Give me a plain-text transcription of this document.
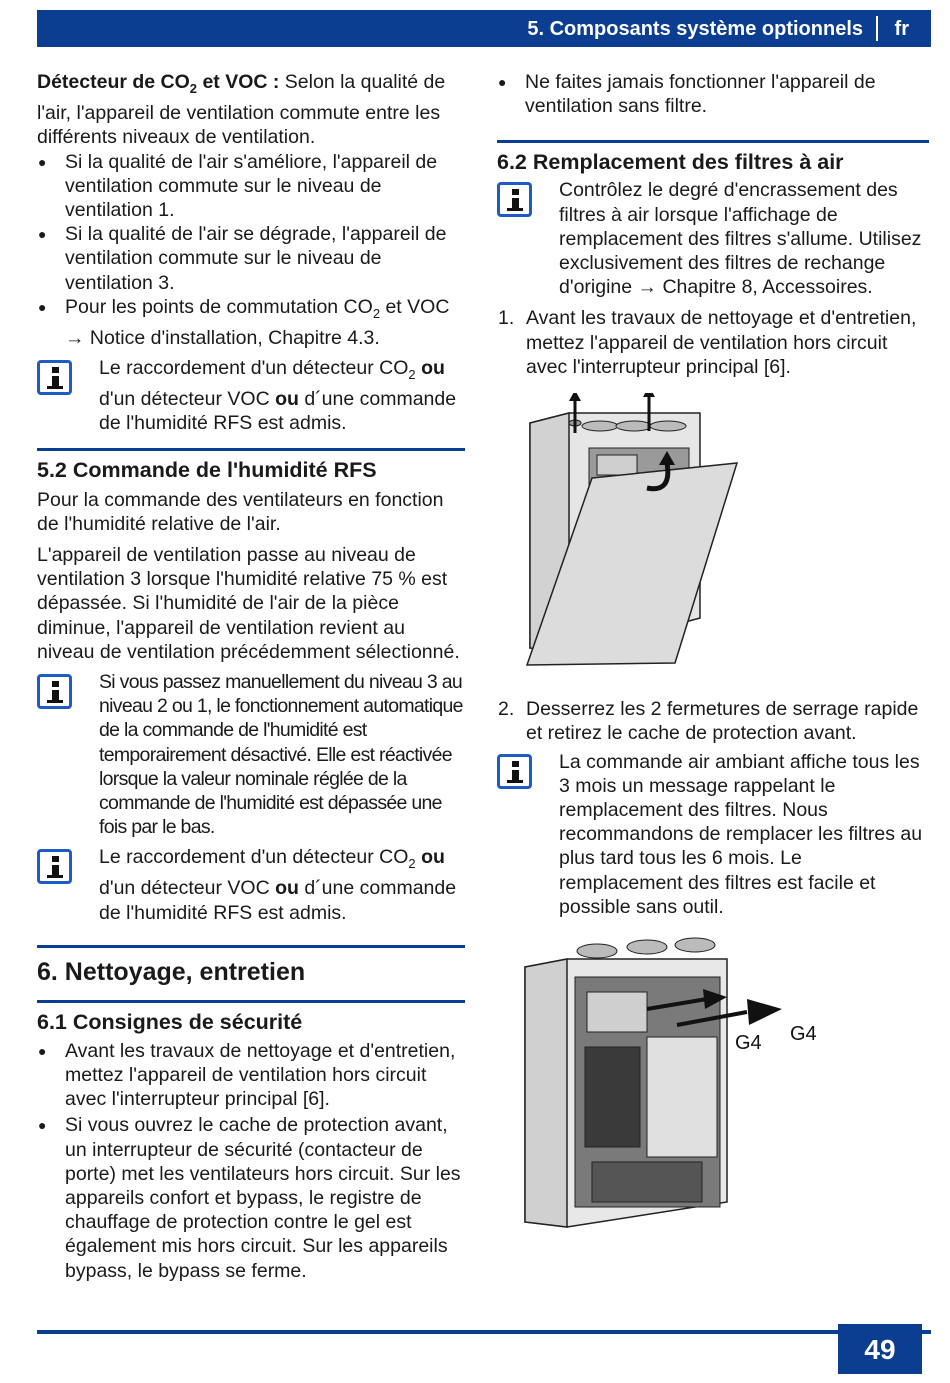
5. Composants système optionnels fr

Détecteur de $CO_2$ et VOC : Selon la qualité de l'air, l'appareil de ventilation commute entre les différents niveaux de ventilation.

● Si la qualité de l'air s'améliore, l'appareil de ventilation commute sur le niveau de ventilation 1.
● Si la qualité de l'air se dégrade, l'appareil de ventilation commute sur le niveau de ventilation 3.
● Pour les points de commutation $CO_2$ et VOC → Notice d'installation, Chapitre 4.3.
Le raccordement d'un détecteur $CO_2$ ou d'un détecteur VOC ou d´une commande de l'humidité RFS est admis.
5.2 Commande de l'humidité RFS

Pour la commande des ventilateurs en fonction de l'humidité relative de l'air.

L'appareil de ventilation passe au niveau de ventilation 3 lorsque l'humidité relative 75 % est dépassée. Si l'humidité de l'air de la pièce diminue, l'appareil de ventilation revient au niveau de ventilation précédemment sélectionné.

Si vous passez manuellement du niveau 3 au niveau 2 ou 1, le fonctionnement automatique de la commande de l'humidité est temporairement désactivé. Elle est réactivée lorsque la valeur nominale réglée de la commande de l'humidité est dépassée une fois par le bas.
Le raccordement d'un détecteur $CO_2$ ou d'un détecteur VOC ou d´une commande de l'humidité RFS est admis.
6. Nettoyage, entretien
6.1 Consignes de sécurité
● Avant les travaux de nettoyage et d'entretien, mettez l'appareil de ventilation hors circuit avec l'interrupteur principal [6].
● Si vous ouvrez le cache de protection avant, un interrupteur de sécurité (contacteur de porte) met les ventilateurs hors circuit. Sur les appareils confort et bypass, le registre de chauffage de protection contre le gel est également mis hors circuit. Sur les appareils bypass, le bypass se ferme.
● Ne faites jamais fonctionner l'appareil de ventilation sans filtre.
6.2 Remplacement des filtres à air
Contrôlez le degré d'encrassement des filtres à air lorsque l'affichage de remplacement des filtres s'allume. Utilisez exclusivement des filtres de rechange d'origine → Chapitre 8, Accessoires.
1. Avant les travaux de nettoyage et d'entretien, mettez l'appareil de ventilation hors circuit avec l'interrupteur principal [6].
2. Desserrez les 2 fermetures de serrage rapide et retirez le cache de protection avant.
La commande air ambiant affiche tous les 3 mois un message rappelant le remplacement des filtres. Nous recommandons de remplacer les filtres au plus tard tous les 6 mois. Le remplacement des filtres est facile et possible sans outil.
G4 G4
49
